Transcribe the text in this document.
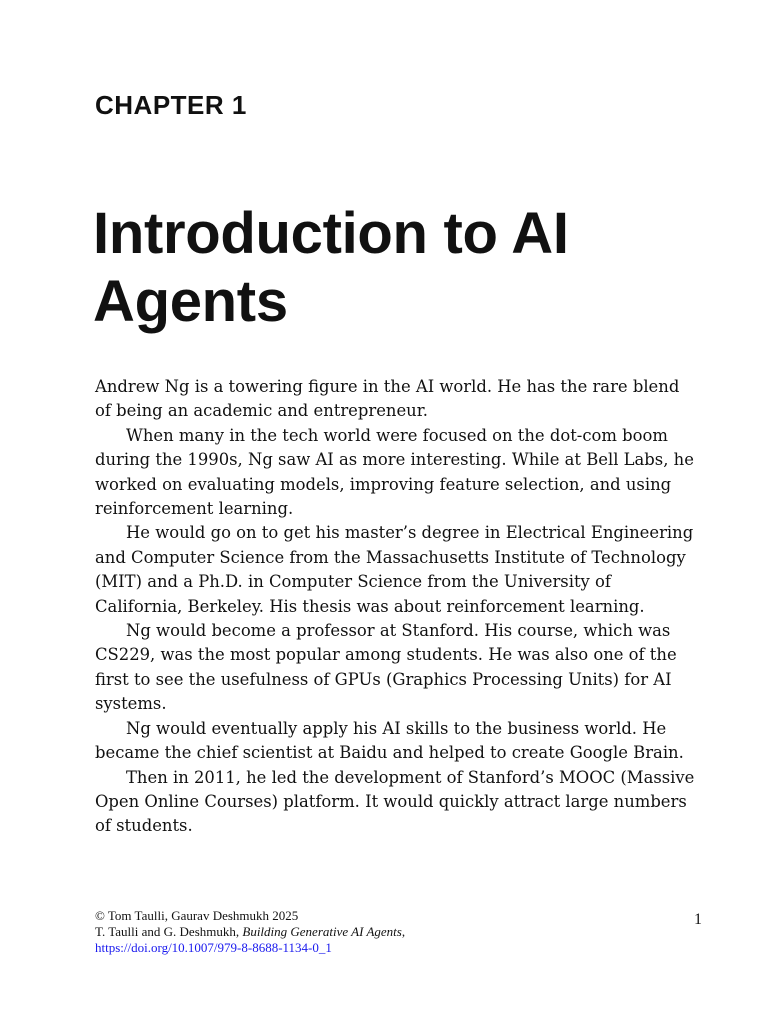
CHAPTER 1
Introduction to AI Agents

Andrew Ng is a towering figure in the AI world. He has the rare blend of being an academic and entrepreneur.

When many in the tech world were focused on the dot-com boom during the 1990s, Ng saw AI as more interesting. While at Bell Labs, he worked on evaluating models, improving feature selection, and using reinforcement learning.

He would go on to get his master’s degree in Electrical Engineering and Computer Science from the Massachusetts Institute of Technology (MIT) and a Ph.D. in Computer Science from the University of California, Berkeley. His thesis was about reinforcement learning.

Ng would become a professor at Stanford. His course, which was CS229, was the most popular among students. He was also one of the first to see the usefulness of GPUs (Graphics Processing Units) for AI systems.

Ng would eventually apply his AI skills to the business world. He became the chief scientist at Baidu and helped to create Google Brain.

Then in 2011, he led the development of Stanford’s MOOC (Massive Open Online Courses) platform. It would quickly attract large numbers of students.

© Tom Taulli, Gaurav Deshmukh 2025
T. Taulli and G. Deshmukh, Building Generative AI Agents,
https://doi.org/10.1007/979-8-8688-1134-0_1
1
